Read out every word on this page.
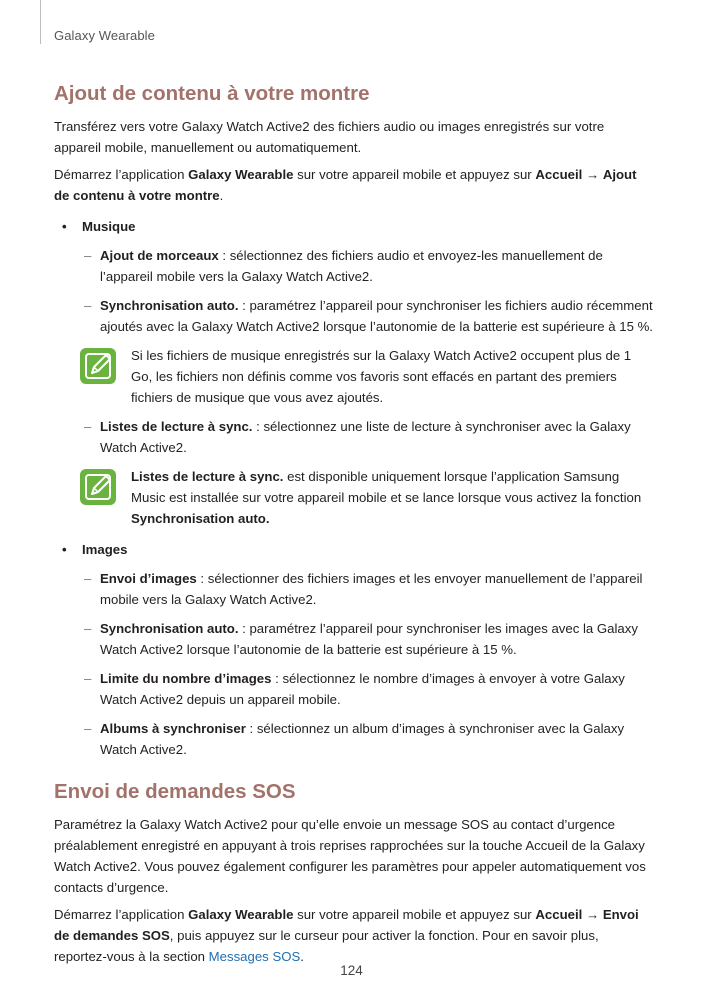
Galaxy Wearable
Ajout de contenu à votre montre

Transférez vers votre Galaxy Watch Active2 des fichiers audio ou images enregistrés sur votre appareil mobile, manuellement ou automatiquement.

Démarrez l’application Galaxy Wearable sur votre appareil mobile et appuyez sur Accueil → Ajout de contenu à votre montre.

• Musique
– Ajout de morceaux : sélectionnez des fichiers audio et envoyez-les manuellement de l’appareil mobile vers la Galaxy Watch Active2.
– Synchronisation auto. : paramétrez l’appareil pour synchroniser les fichiers audio récemment ajoutés avec la Galaxy Watch Active2 lorsque l’autonomie de la batterie est supérieure à 15 %.
Si les fichiers de musique enregistrés sur la Galaxy Watch Active2 occupent plus de 1 Go, les fichiers non définis comme vos favoris sont effacés en partant des premiers fichiers de musique que vous avez ajoutés.
– Listes de lecture à sync. : sélectionnez une liste de lecture à synchroniser avec la Galaxy Watch Active2.
Listes de lecture à sync. est disponible uniquement lorsque l’application Samsung Music est installée sur votre appareil mobile et se lance lorsque vous activez la fonction Synchronisation auto.
• Images
– Envoi d’images : sélectionner des fichiers images et les envoyer manuellement de l’appareil mobile vers la Galaxy Watch Active2.
– Synchronisation auto. : paramétrez l’appareil pour synchroniser les images avec la Galaxy Watch Active2 lorsque l’autonomie de la batterie est supérieure à 15 %.
– Limite du nombre d’images : sélectionnez le nombre d’images à envoyer à votre Galaxy Watch Active2 depuis un appareil mobile.
– Albums à synchroniser : sélectionnez un album d’images à synchroniser avec la Galaxy Watch Active2.
Envoi de demandes SOS

Paramétrez la Galaxy Watch Active2 pour qu’elle envoie un message SOS au contact d’urgence préalablement enregistré en appuyant à trois reprises rapprochées sur la touche Accueil de la Galaxy Watch Active2. Vous pouvez également configurer les paramètres pour appeler automatiquement vos contacts d’urgence.

Démarrez l’application Galaxy Wearable sur votre appareil mobile et appuyez sur Accueil → Envoi de demandes SOS, puis appuyez sur le curseur pour activer la fonction. Pour en savoir plus, reportez-vous à la section Messages SOS.

124
